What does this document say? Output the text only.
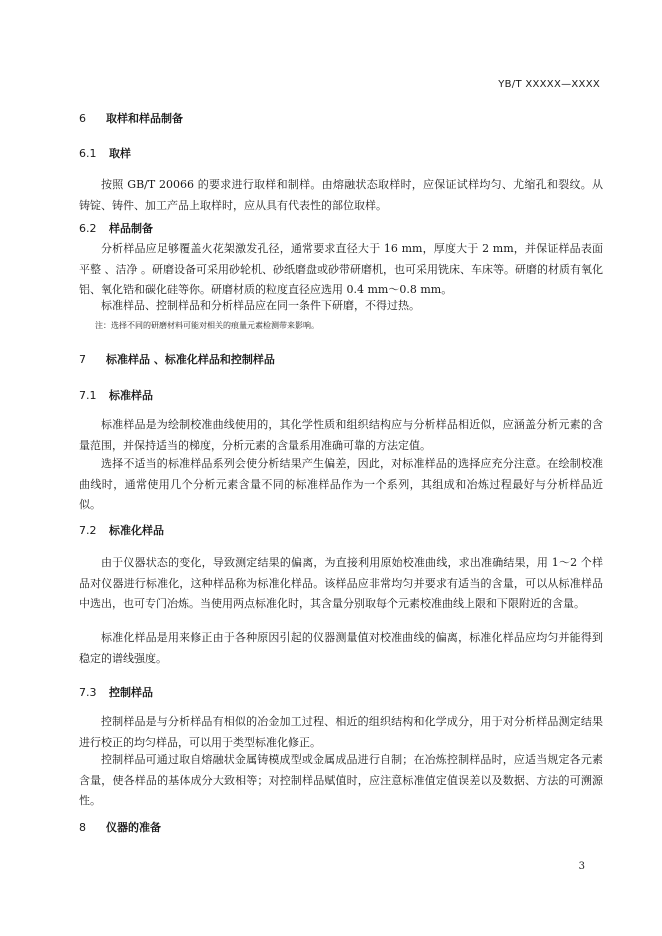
YB/T XXXXX—XXXX
6 取样和样品制备
6.1 取样

按照 GB/T 20066 的要求进行取样和制样。由熔融状态取样时，应保证试样均匀、尤缩孔和裂纹。从铸锭、铸件、加工产品上取样时，应从具有代表性的部位取样。

6.2 样品制备

分析样品应足够覆盖火花架激发孔径，通常要求直径大于 16 mm，厚度大于 2 mm，并保证样品表面平整 、洁净 。研磨设备可采用砂轮机、砂纸磨盘或砂带研磨机，也可采用铣床、车床等。研磨的材质有氧化铝、氧化锆和碳化硅等你。研磨材质的粒度直径应选用 0.4 mm～0.8 mm。

标准样品、控制样品和分析样品应在同一条件下研磨，不得过热。

注：选择不同的研磨材料可能对相关的痕量元素检测带来影响。
7 标准样品 、标准化样品和控制样品
7.1 标准样品

标准样品是为绘制校准曲线使用的，其化学性质和组织结构应与分析样品相近似，应涵盖分析元素的含量范围，并保持适当的梯度，分析元素的含量系用准确可靠的方法定值。

选择不适当的标准样品系列会使分析结果产生偏差，因此，对标准样品的选择应充分注意。在绘制校准曲线时，通常使用几个分析元素含量不同的标准样品作为一个系列，其组成和冶炼过程最好与分析样品近似。

7.2 标准化样品

由于仪器状态的变化，导致测定结果的偏离，为直接利用原始校准曲线，求出准确结果，用 1～2 个样品对仪器进行标准化，这种样品称为标准化样品。该样品应非常均匀并要求有适当的含量，可以从标准样品中选出，也可专门冶炼。当使用两点标准化时，其含量分别取每个元素校准曲线上限和下限附近的含量。

标准化样品是用来修正由于各种原因引起的仪器测量值对校准曲线的偏离，标准化样品应均匀并能得到稳定的谱线强度。

7.3 控制样品

控制样品是与分析样品有相似的冶金加工过程、相近的组织结构和化学成分，用于对分析样品测定结果进行校正的均匀样品，可以用于类型标准化修正。

控制样品可通过取自熔融状金属铸模成型或金属成品进行自制；在冶炼控制样品时，应适当规定各元素含量，使各样品的基体成分大致相等；对控制样品赋值时，应注意标准值定值误差以及数据、方法的可溯源性。

8 仪器的准备
3
